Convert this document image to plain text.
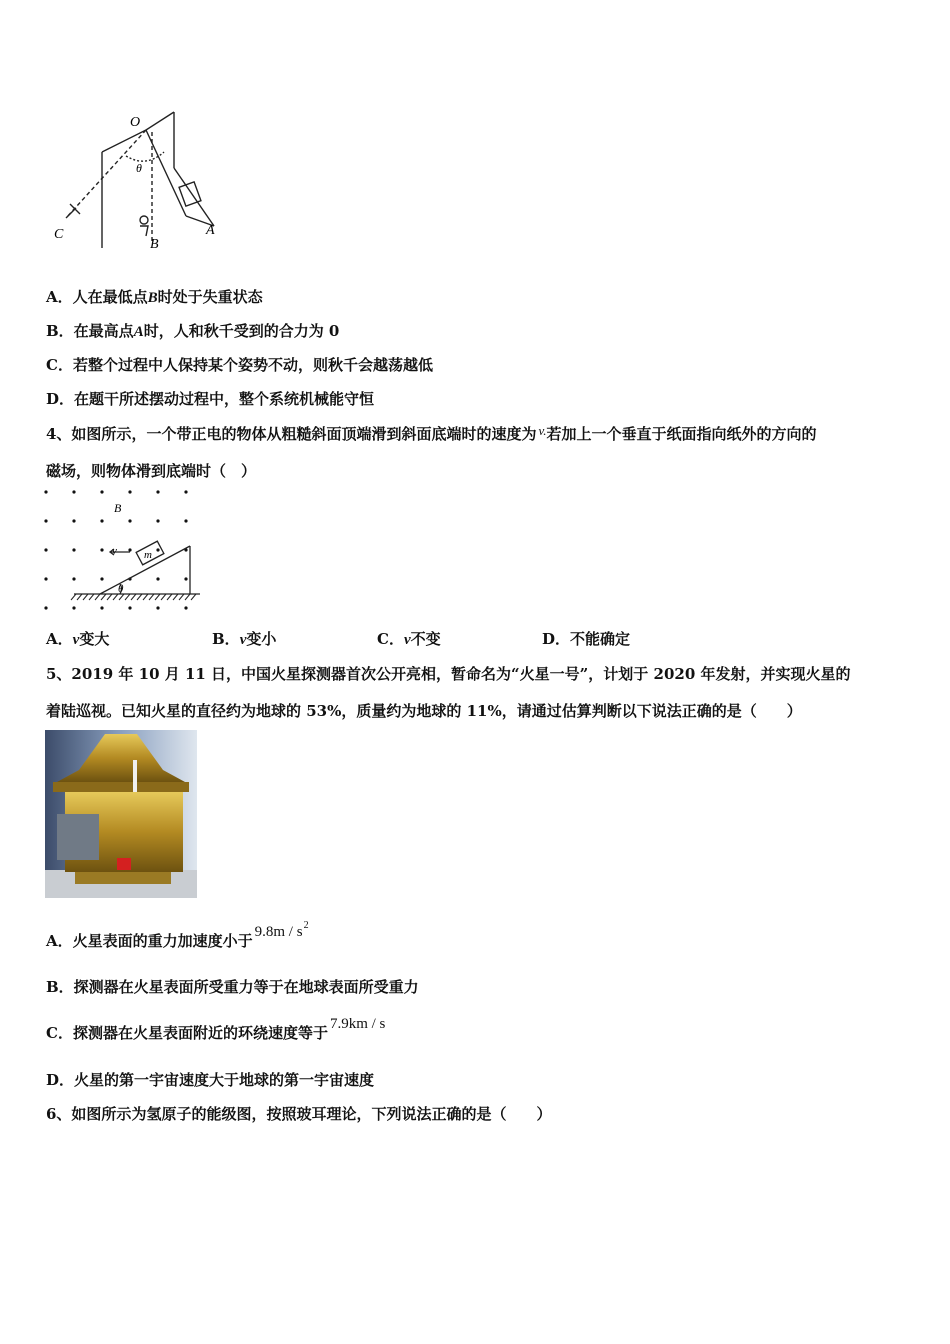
O
θ
A
B
C
A．人在最低点B时处于失重状态
B．在最高点A时，人和秋千受到的合力为 0
C．若整个过程中人保持某个姿势不动，则秋千会越荡越低
D．在题干所述摆动过程中，整个系统机械能守恒
4、如图所示，一个带正电的物体从粗糙斜面顶端滑到斜面底端时的速度为 v.若加上一个垂直于纸面指向纸外的方向的
磁场，则物体滑到底端时（　）
B
v m
θ
A．v变大	B．v变小	C．v不变	D．不能确定
5、2019 年 10 月 11 日，中国火星探测器首次公开亮相，暂命名为“火星一号”，计划于 2020 年发射，并实现火星的
着陆巡视。已知火星的直径约为地球的 53%，质量约为地球的 11%，请通过估算判断以下说法正确的是（　　）
A．火星表面的重力加速度小于 $9.8m / s^2$
B．探测器在火星表面所受重力等于在地球表面所受重力
C．探测器在火星表面附近的环绕速度等于 7.9km / s
D．火星的第一宇宙速度大于地球的第一宇宙速度
6、如图所示为氢原子的能级图，按照玻耳理论，下列说法正确的是（　　）
